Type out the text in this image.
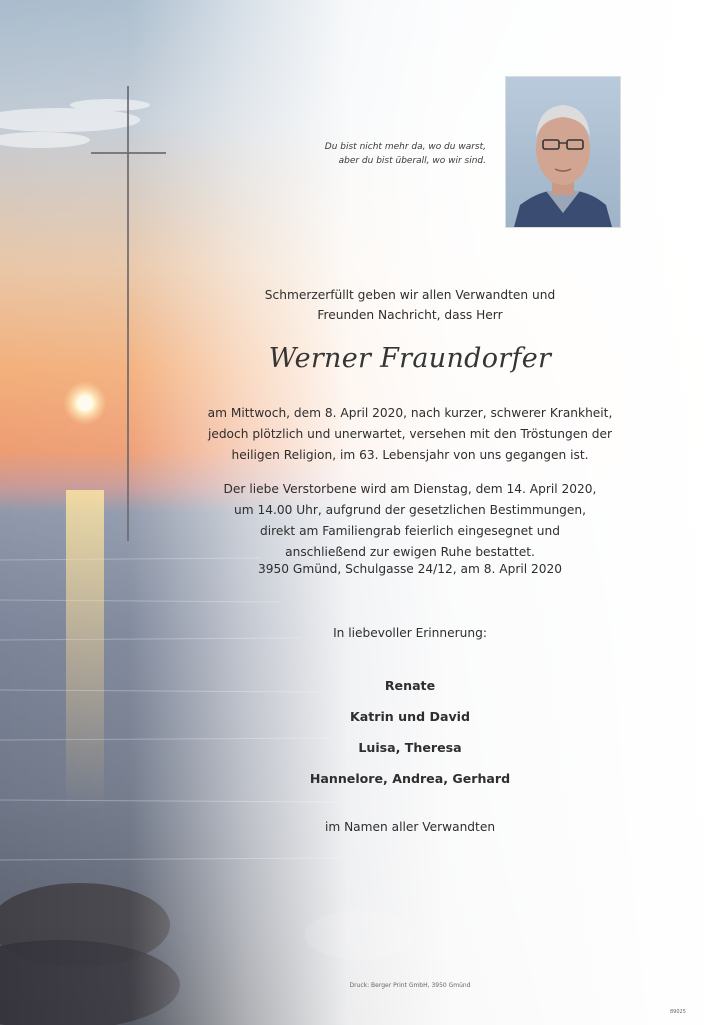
Du bist nicht mehr da, wo du warst,
aber du bist überall, wo wir sind.
Schmerzerfüllt geben wir allen Verwandten und
Freunden Nachricht, dass Herr
Werner Fraundorfer
am Mittwoch, dem 8. April 2020, nach kurzer, schwerer Krankheit,
jedoch plötzlich und unerwartet, versehen mit den Tröstungen der
heiligen Religion, im 63. Lebensjahr von uns gegangen ist.
Der liebe Verstorbene wird am Dienstag, dem 14. April 2020,
um 14.00 Uhr, aufgrund der gesetzlichen Bestimmungen,
direkt am Familiengrab feierlich eingesegnet und
anschließend zur ewigen Ruhe bestattet.
3950 Gmünd, Schulgasse 24/12, am 8. April 2020
In liebevoller Erinnerung:
Renate
Katrin und David
Luisa, Theresa
Hannelore, Andrea, Gerhard
im Namen aller Verwandten
Druck: Berger Print GmbH, 3950 Gmünd
89025
